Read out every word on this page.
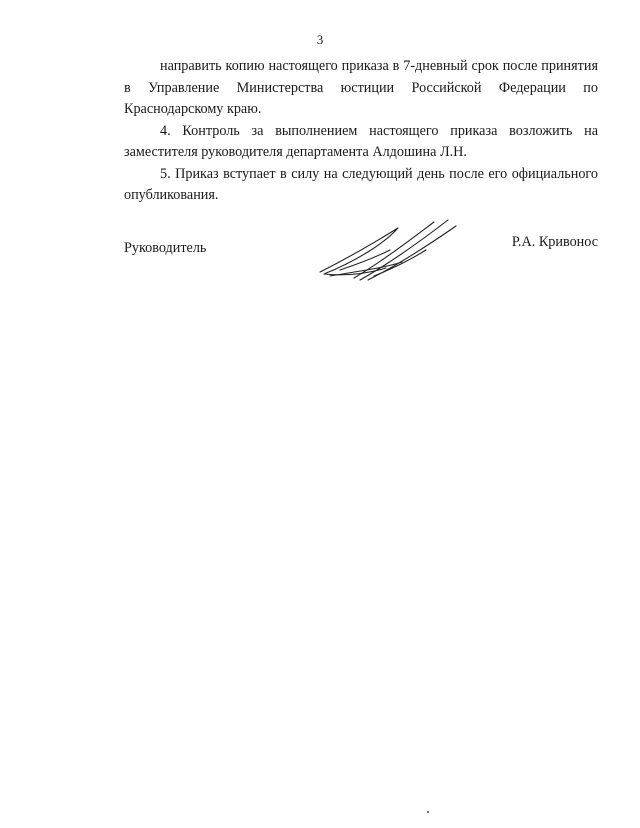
3

направить копию настоящего приказа в 7-дневный срок после принятия в Управление Министерства юстиции Российской Федерации по Краснодарскому краю.

4. Контроль за выполнением настоящего приказа возложить на заместителя руководителя департамента Алдошина Л.Н.

5. Приказ вступает в силу на следующий день после его официального опубликования.

Руководитель	Р.А. Кривонос
